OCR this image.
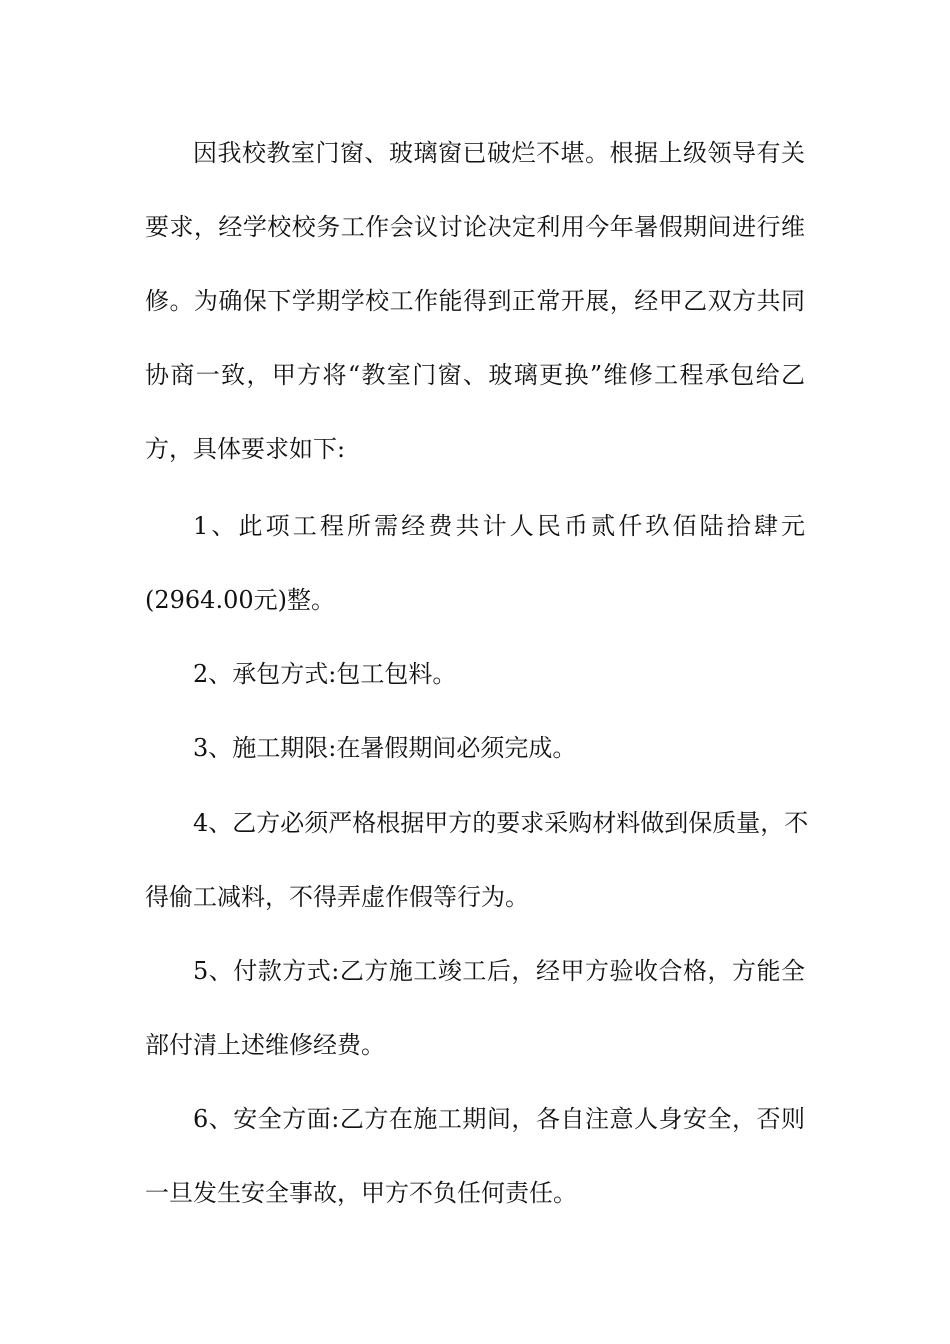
因我校教室门窗、玻璃窗已破烂不堪。根据上级领导有关
要求，经学校校务工作会议讨论决定利用今年暑假期间进行维
修。为确保下学期学校工作能得到正常开展，经甲乙双方共同
协商一致，甲方将“教室门窗、玻璃更换”维修工程承包给乙
方，具体要求如下:
1、此项工程所需经费共计人民币贰仟玖佰陆拾肆元
(2964.00元)整。
2、承包方式:包工包料。
3、施工期限:在暑假期间必须完成。
4、乙方必须严格根据甲方的要求采购材料做到保质量，不
得偷工减料，不得弄虚作假等行为。
5、付款方式:乙方施工竣工后，经甲方验收合格，方能全
部付清上述维修经费。
6、安全方面:乙方在施工期间，各自注意人身安全，否则
一旦发生安全事故，甲方不负任何责任。
